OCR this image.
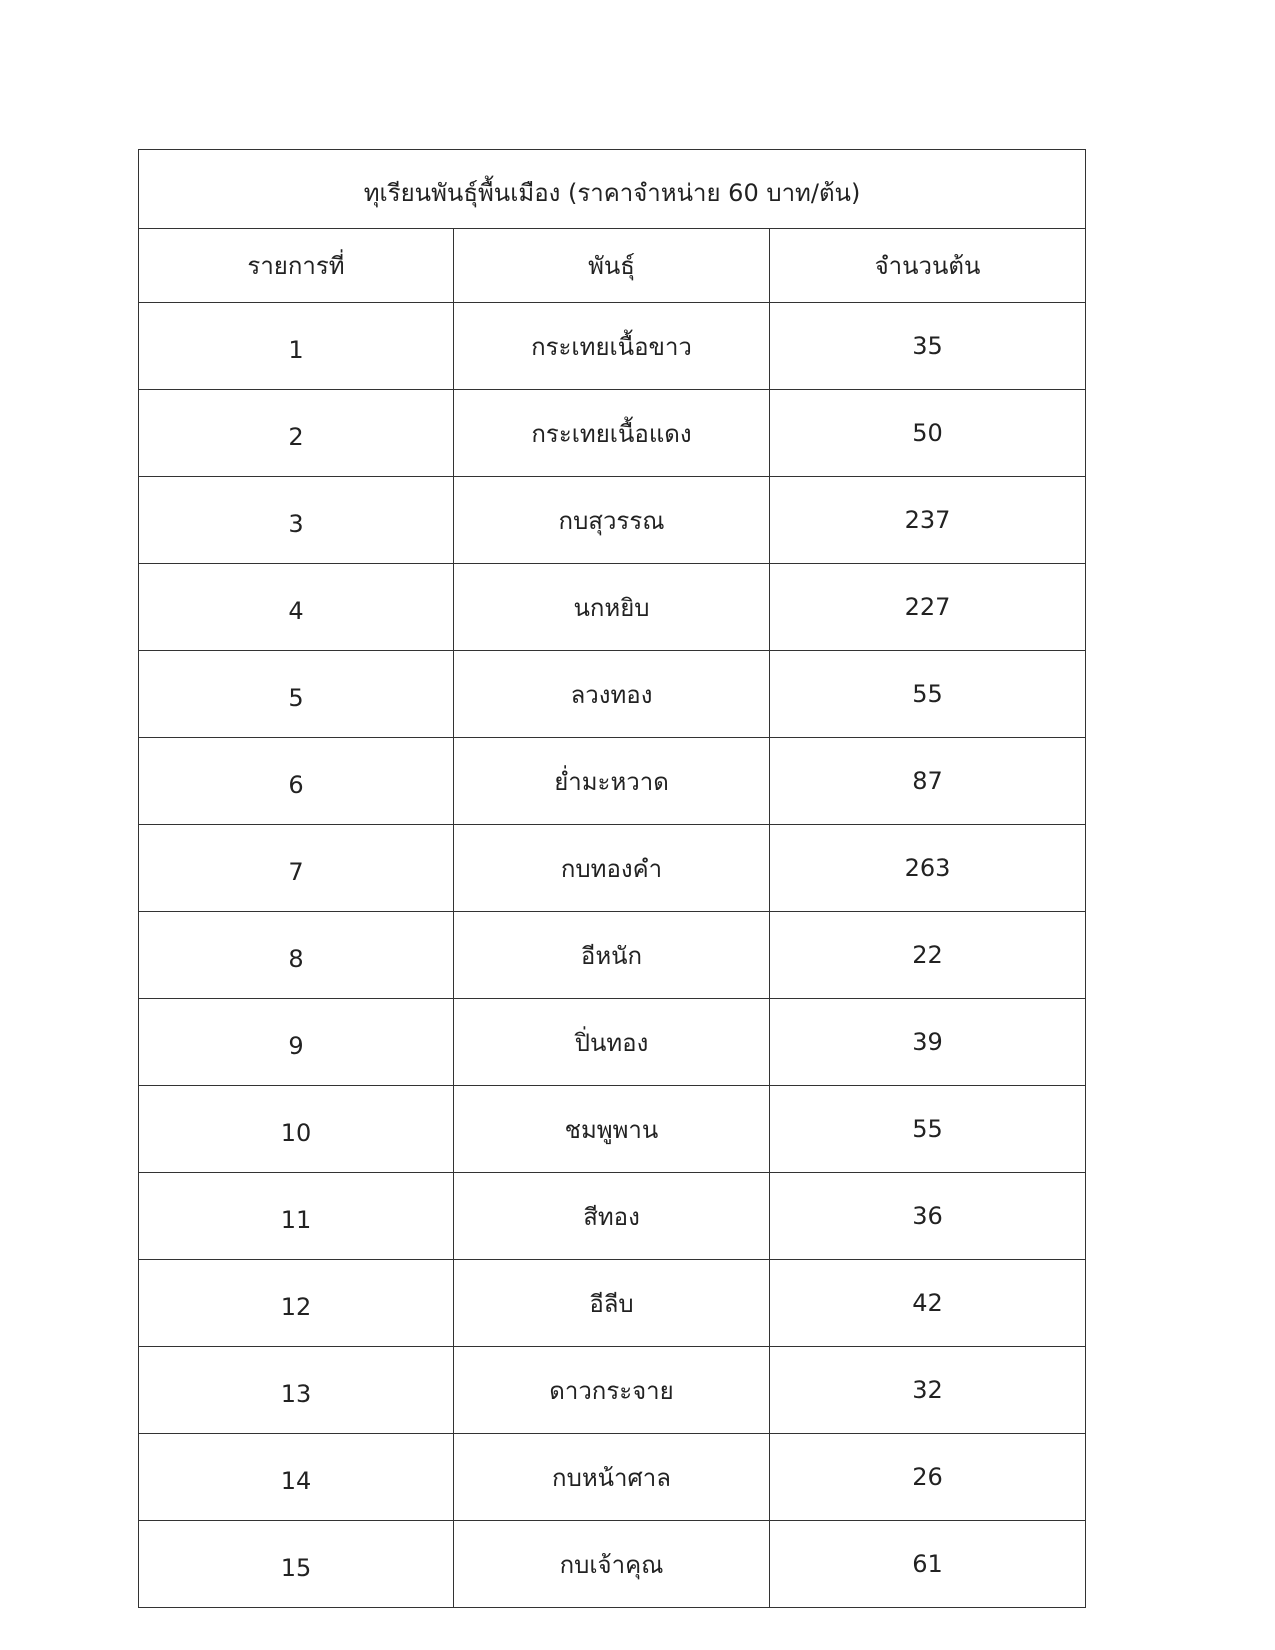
ทุเรียนพันธุ์พื้นเมือง (ราคาจำหน่าย 60 บาท/ต้น)		
รายการที่	พันธุ์	จำนวนต้น
1	กระเทยเนื้อขาว	35
2	กระเทยเนื้อแดง	50
3	กบสุวรรณ	237
4	นกหยิบ	227
5	ลวงทอง	55
6	ย่ำมะหวาด	87
7	กบทองคำ	263
8	อีหนัก	22
9	ปิ่นทอง	39
10	ชมพูพาน	55
11	สีทอง	36
12	อีลีบ	42
13	ดาวกระจาย	32
14	กบหน้าศาล	26
15	กบเจ้าคุณ	61
